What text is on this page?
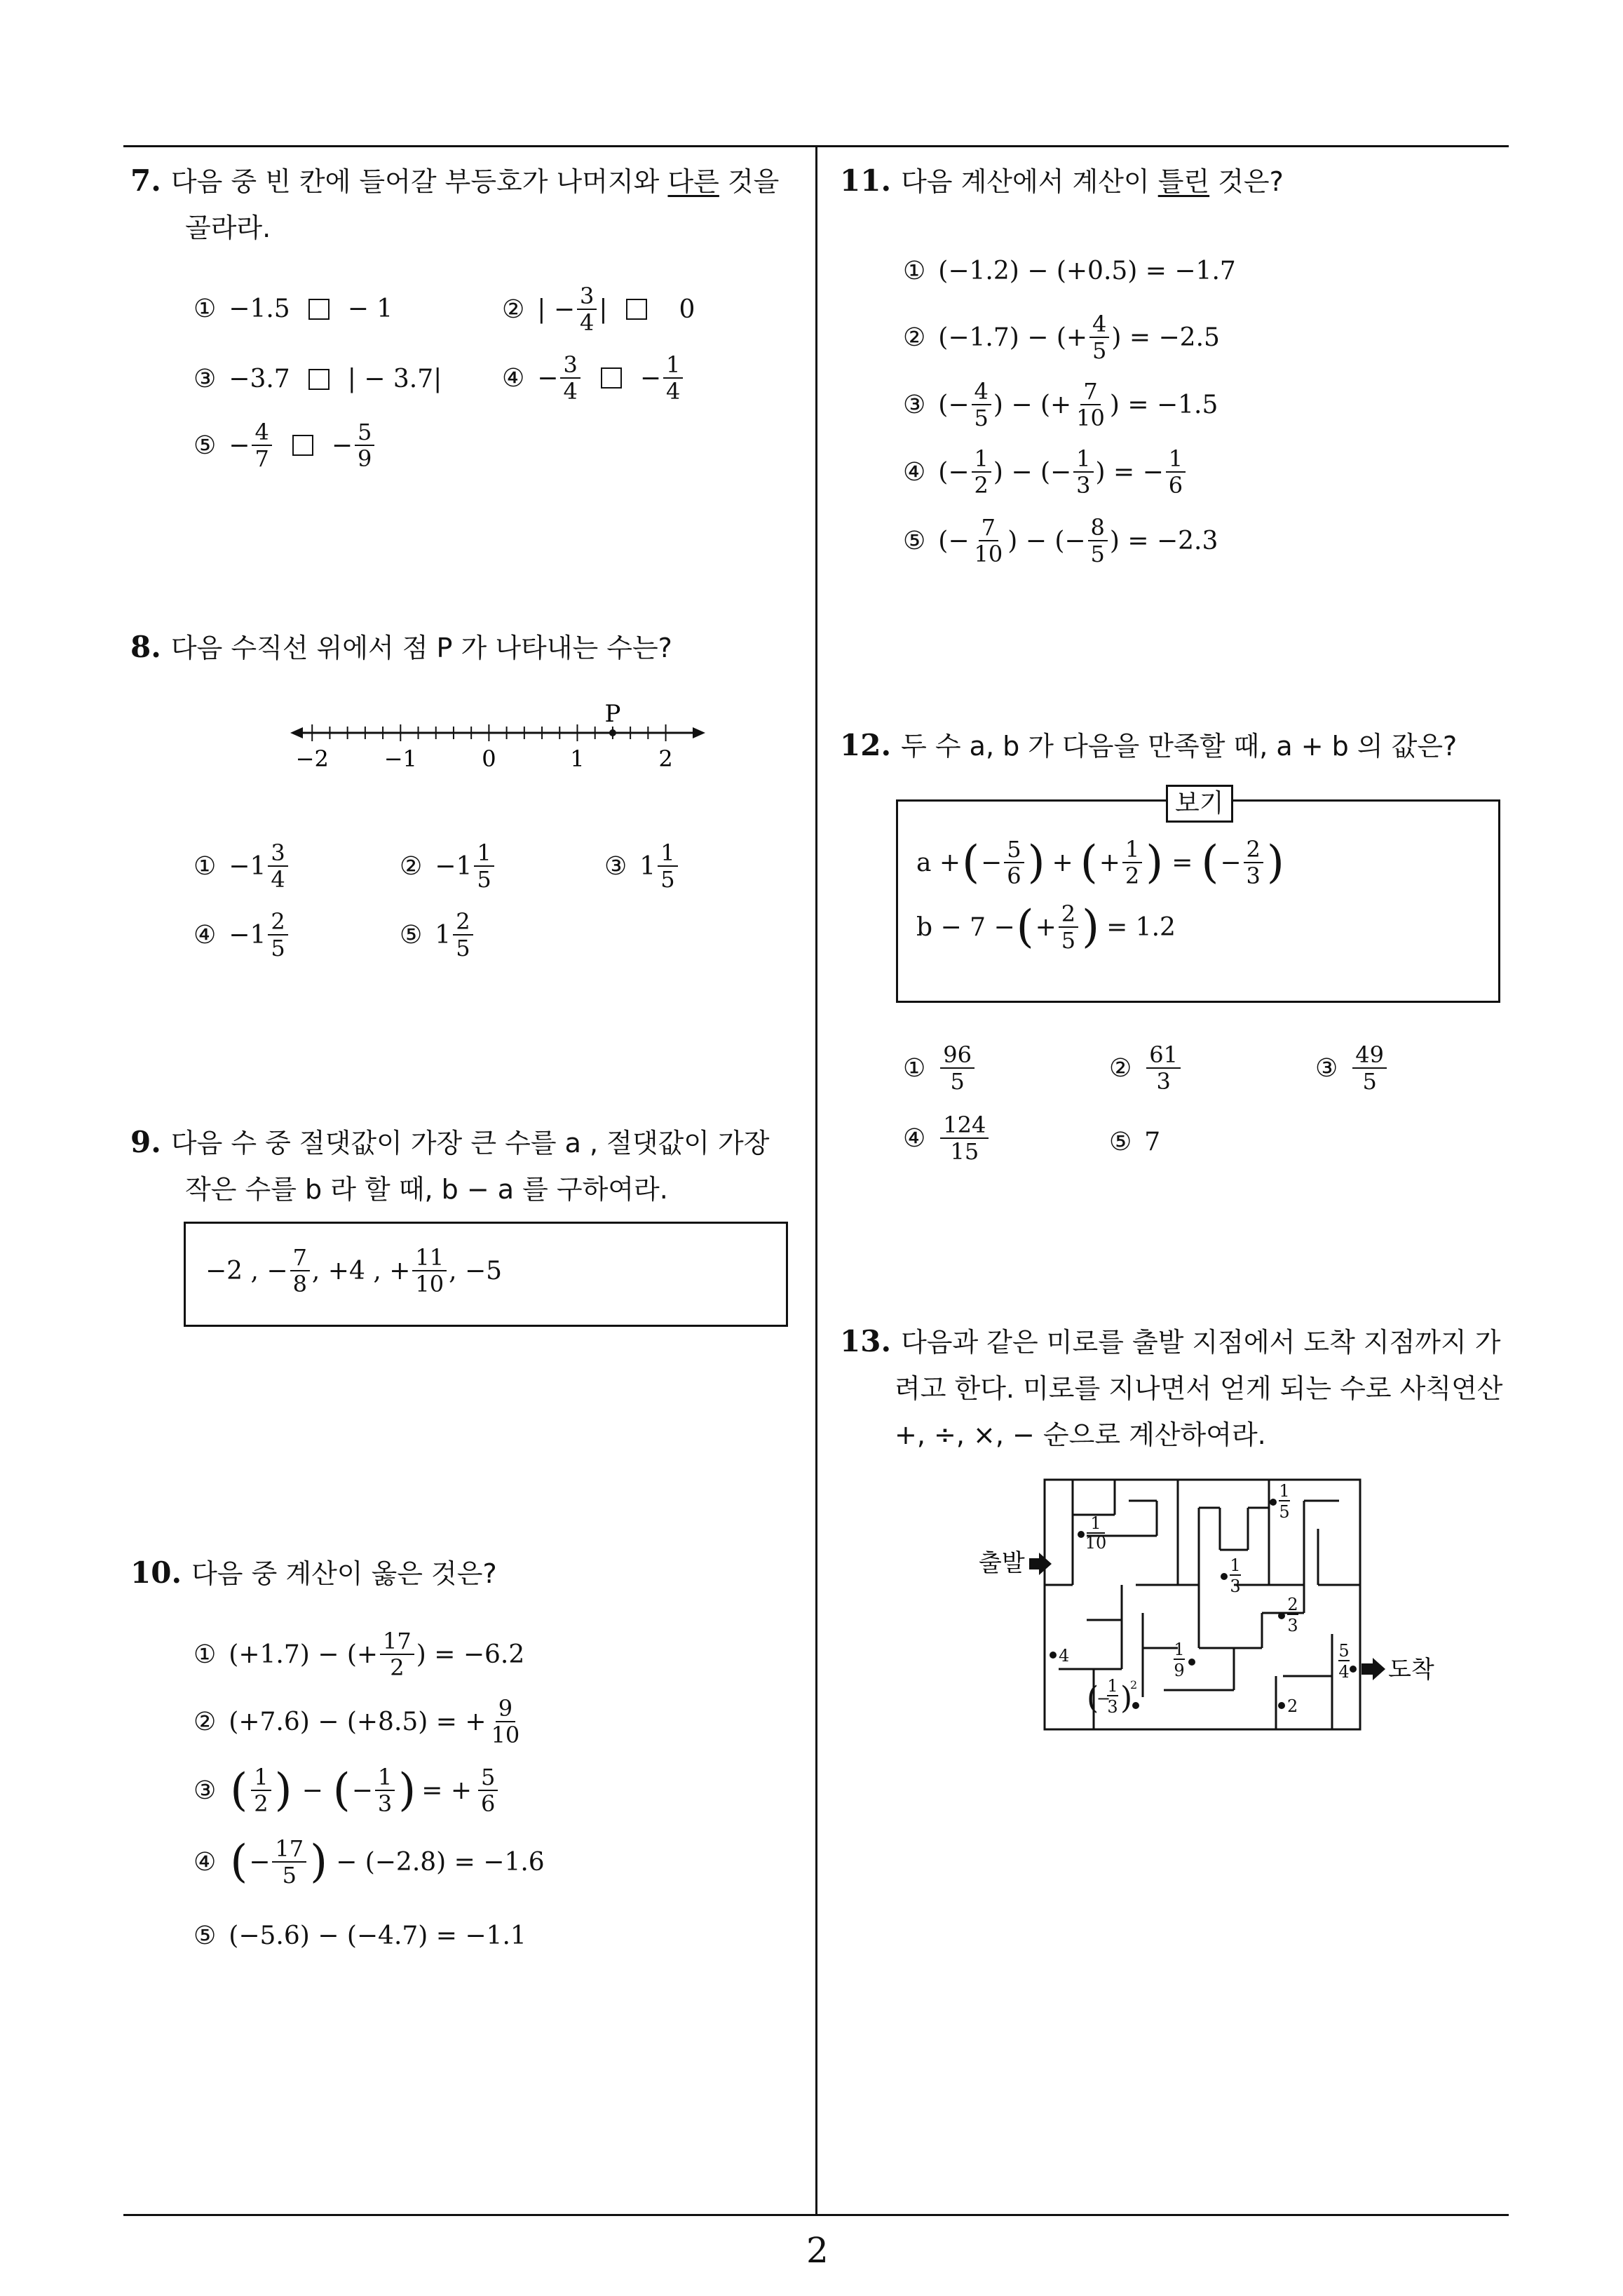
2
7. 다음 중 빈 칸에 들어갈 부등호가 나머지와 다른 것을
골라라.
① −1.5 − 1	② | − $\frac{3}{4}$ |	0
③ −3.7 | − 3.7| ④ − $\frac{3}{4} - \frac{1}{4}$
⑤ − $\frac{4}{7} - \frac{5}{9}$
8. 다음 수직선 위에서 점 P 가 나타내는 수는?
−2 −1	0	1	2
P
① $-1 \frac{3}{4}$	② $-1 \frac{1}{5}$	③ $1 \frac{1}{5}$
④ $-1 \frac{2}{5}$	⑤ $1 \frac{2}{5}$
9. 다음 수 중 절댓값이 가장 큰 수를 a , 절댓값이 가장
작은 수를 b 라 할 때, b − a 를 구하여라.
−2 , − $\frac{7}{8}$ , +4 , + $\frac{11}{10}$ , −5
10. 다음 중 계산이 옳은 것은?
① (+1.7) − (+ $\frac{17}{2}$ ) = −6.2
② (+7.6) − (+8.5) = + $\frac{9}{10}$
③ ( $\frac{1}{2}$ ) − ( − $\frac{1}{3}$ ) = + $\frac{5}{6}$
④ ( − $\frac{17}{5}$ ) − (−2.8) = −1.6
⑤ (−5.6) − (−4.7) = −1.1
11. 다음 계산에서 계산이 틀린 것은?
① (−1.2) − (+0.5) = −1.7
② (−1.7) − (+ $\frac{4}{5}$ ) = −2.5
③ (− $\frac{4}{5}$ ) − (+ $\frac{7}{10}$ ) = −1.5
④ (− $\frac{1}{2}$ ) − (− $\frac{1}{3}$ ) = − $\frac{1}{6}$
⑤ (− $\frac{7}{10}$ ) − (− $\frac{8}{5}$ ) = −2.3
12. 두 수 a, b 가 다음을 만족할 때, a + b 의 값은?
보기
a + ( − $\frac{5}{6}$ ) + ( + $\frac{1}{2}$ ) = ( − $\frac{2}{3}$ )
b − 7 − ( + $\frac{2}{5}$ ) = 1.2
① $\frac{96}{5}$	② $\frac{61}{3}$	③ $\frac{49}{5}$
④ $\frac{124}{15}$	⑤ 7
13. 다음과 같은 미로를 출발 지점에서 도착 지점까지 가
려고 한다. 미로를 지나면서 얻게 되는 수로 사칙연산
+, ÷, ×, − 순으로 계산하여라.
출발
도착
1
10
1
5
1
3
2
3
5
4
4	1
9
(
−
1
3 )
2
2
